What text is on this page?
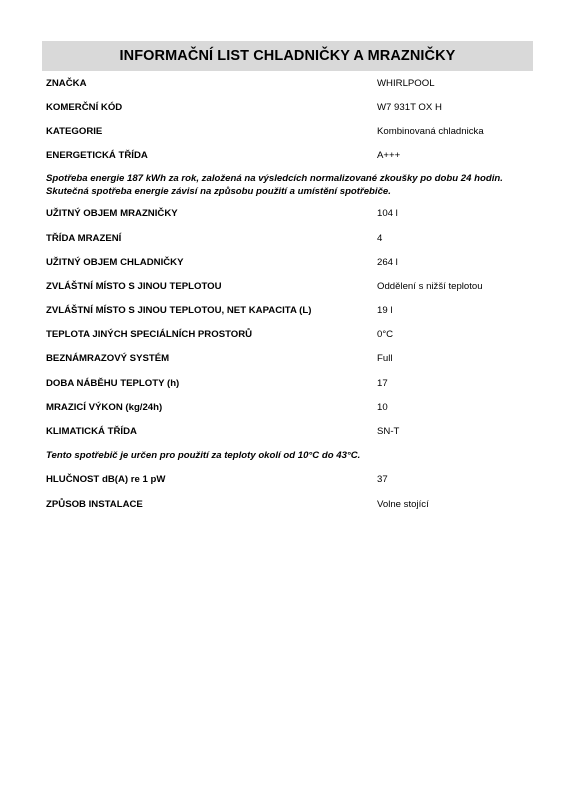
INFORMAČNÍ LIST CHLADNIČKY A MRAZNIČKY
ZNAČKA	WHIRLPOOL
KOMERČNÍ KÓD	W7 931T OX H
KATEGORIE	Kombinovaná chladnicka
ENERGETICKÁ TŘÍDA	A+++
Spotřeba energie 187 kWh za rok, založená na výsledcích normalizované zkoušky po dobu 24 hodin.
Skutečná spotřeba energie závisí na způsobu použití a umístění spotřebiče.
UŽITNÝ OBJEM MRAZNIČKY	104 l
TŘÍDA MRAZENÍ	4
UŽITNÝ OBJEM CHLADNIČKY	264 l
ZVLÁŠTNÍ MÍSTO S JINOU TEPLOTOU	Oddělení s nižší teplotou
ZVLÁŠTNÍ MÍSTO S JINOU TEPLOTOU, NET KAPACITA (L)	19 l
TEPLOTA JINÝCH SPECIÁLNÍCH PROSTORŮ	0°C
BEZNÁMRAZOVÝ SYSTÉM	Full
DOBA NÁBĚHU TEPLOTY (h)	17
MRAZICÍ VÝKON (kg/24h)	10
KLIMATICKÁ TŘÍDA	SN-T
Tento spotřebič je určen pro použití za teploty okolí od 10°C do 43°C.
HLUČNOST dB(A) re 1 pW	37
ZPŮSOB INSTALACE	Volne stojící
